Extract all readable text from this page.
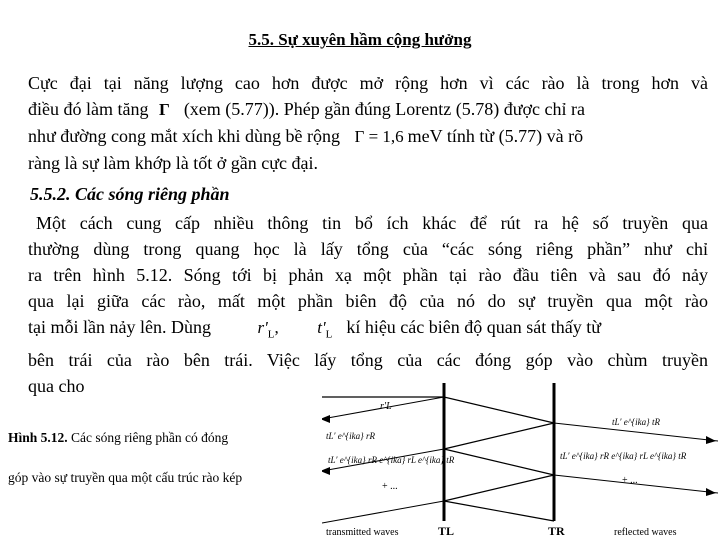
5.5. Sự xuyên hầm cộng hưởng
Cực đại tại năng lượng cao hơn được mở rộng hơn vì các rào là trong hơn và
điều đó làm tăng Γ (xem (5.77)). Phép gần đúng Lorentz (5.78) được chỉ ra
như đường cong mắt xích khi dùng bề rộng Γ = 1,6 meV tính từ (5.77) và rõ
ràng là sự làm khớp là tốt ở gần cực đại.
5.5.2. Các sóng riêng phần
Một cách cung cấp nhiều thông tin bổ ích khác để rút ra hệ số truyền qua
thường dùng trong quang học là lấy tổng của “các sóng riêng phần” như chỉ
ra trên hình 5.12. Sóng tới bị phản xạ một phần tại rào đầu tiên và sau đó nảy
qua lại giữa các rào, mất một phần biên độ của nó do sự truyền qua một rào
tại mỗi lần nảy lên. Dùng	$r'_L$, $t'_L$ kí hiệu các biên độ quan sát thấy từ
bên trái của rào bên trái. Việc lấy tổng của các đóng góp vào chùm truyền
qua cho
Hình 5.12. Các sóng riêng phần có đóng
góp vào sự truyền qua một cấu trúc rào kép
r′L
tL′ e^{ika} rR
tL′ e^{ika} rR e^{ika} rL e^{ika} tR
+ ...
tL′ e^{ika} tR
tL′ e^{ika} rR e^{ika} rL e^{ika} tR
+ ...
transmitted waves	reflected waves
TL	TR
